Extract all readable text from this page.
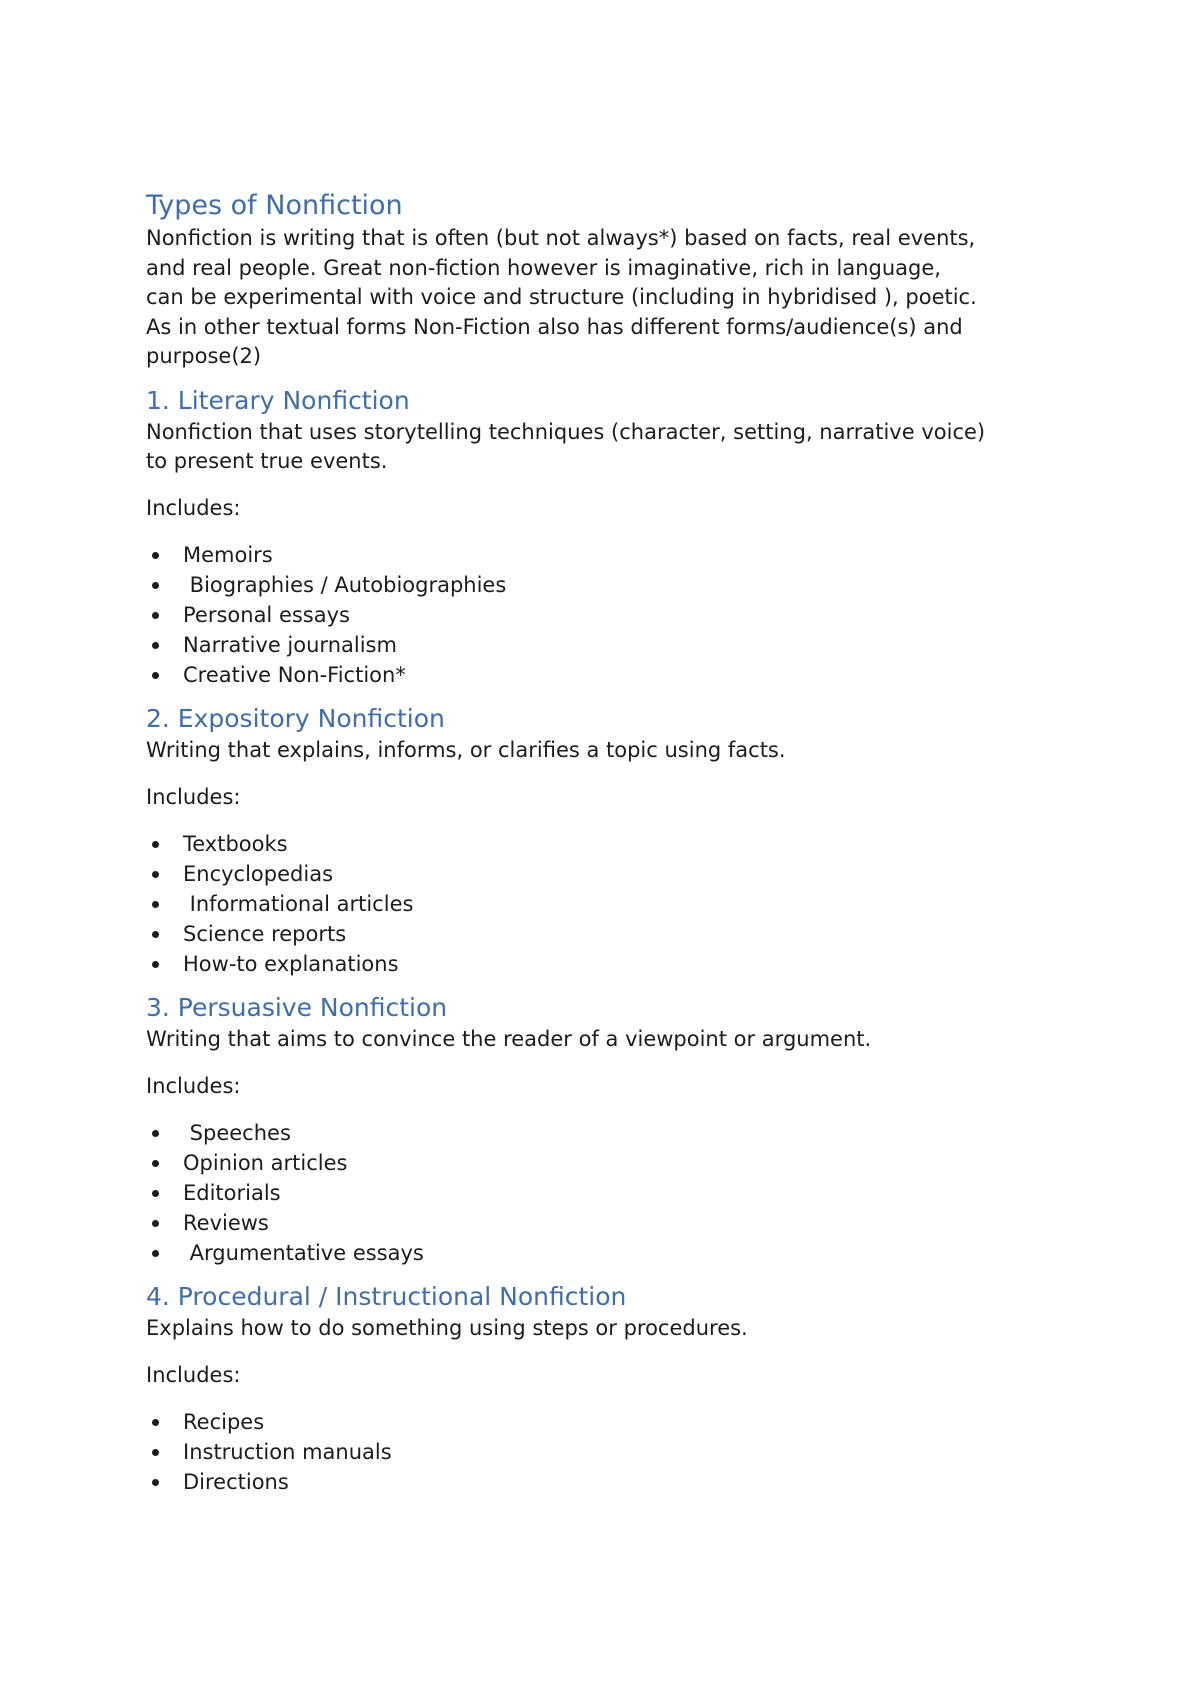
Types of Nonfiction
Nonfiction is writing that is often (but not always*) based on facts, real events,
and real people. Great non-fiction however is imaginative, rich in language,
can be experimental with voice and structure (including in hybridised ), poetic.
As in other textual forms Non-Fiction also has different forms/audience(s) and
purpose(2)
1. Literary Nonfiction
Nonfiction that uses storytelling techniques (character, setting, narrative voice)
to present true events.
Includes:
Memoirs
Biographies / Autobiographies
Personal essays
Narrative journalism
Creative Non-Fiction*
2. Expository Nonfiction
Writing that explains, informs, or clarifies a topic using facts.
Includes:
Textbooks
Encyclopedias
Informational articles
Science reports
How-to explanations
3. Persuasive Nonfiction
Writing that aims to convince the reader of a viewpoint or argument.
Includes:
Speeches
Opinion articles
Editorials
Reviews
Argumentative essays
4. Procedural / Instructional Nonfiction
Explains how to do something using steps or procedures.
Includes:
Recipes
Instruction manuals
Directions
